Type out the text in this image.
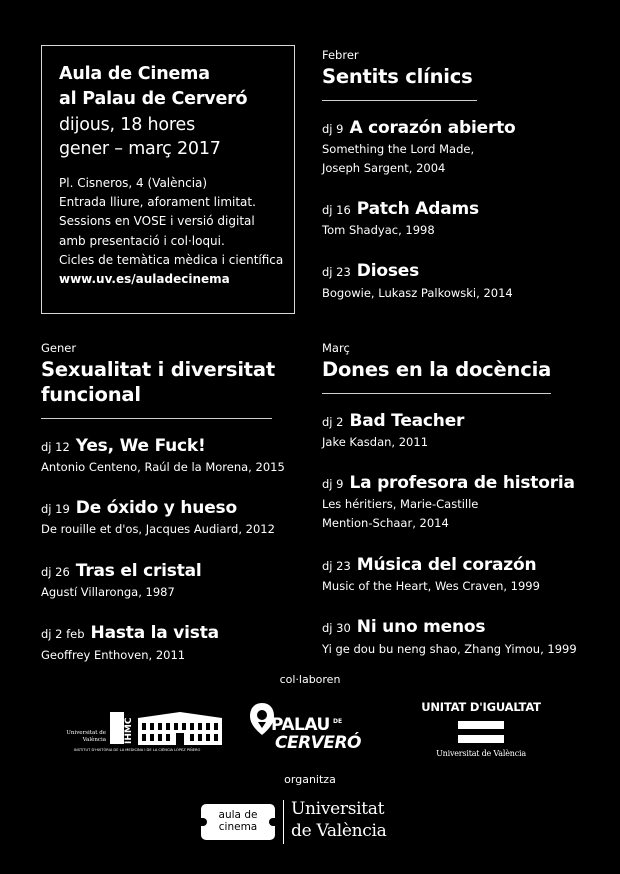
Aula de Cinema
al Palau de Cerveró
dijous, 18 hores
gener – març 2017
Pl. Cisneros, 4 (València)
Entrada lliure, aforament limitat.
Sessions en VOSE i versió digital
amb presentació i col·loqui.
Cicles de temàtica mèdica i científica
www.uv.es/auladecinema
Febrer
Sentits clínics
dj 9 A corazón abierto
Something the Lord Made,
Joseph Sargent, 2004
dj 16 Patch Adams
Tom Shadyac, 1998
dj 23 Dioses
Bogowie, Lukasz Palkowski, 2014
Gener
Sexualitat i diversitat
funcional
dj 12 Yes, We Fuck!
Antonio Centeno, Raúl de la Morena, 2015
dj 19 De óxido y hueso
De rouille et d'os, Jacques Audiard, 2012
dj 26 Tras el cristal
Agustí Villaronga, 1987
dj 2 feb Hasta la vista
Geoffrey Enthoven, 2011
Març
Dones en la docència
dj 2 Bad Teacher
Jake Kasdan, 2011
dj 9 La profesora de historia
Les héritiers, Marie-Castille
Mention-Schaar, 2014
dj 23 Música del corazón
Music of the Heart, Wes Craven, 1999
dj 30 Ni uno menos
Yi ge dou bu neng shao, Zhang Yimou, 1999
col·laboren
Universitat de València IHMC
INSTITUT D'HISTÒRIA DE LA MEDICINA I DE LA CIÈNCIA LÓPEZ PIÑERO
PALAU DE
CERVERÓ
UNITAT D'IGUALTAT
Universitat de València
organitza
aula de
cinema
Universitat
de València
